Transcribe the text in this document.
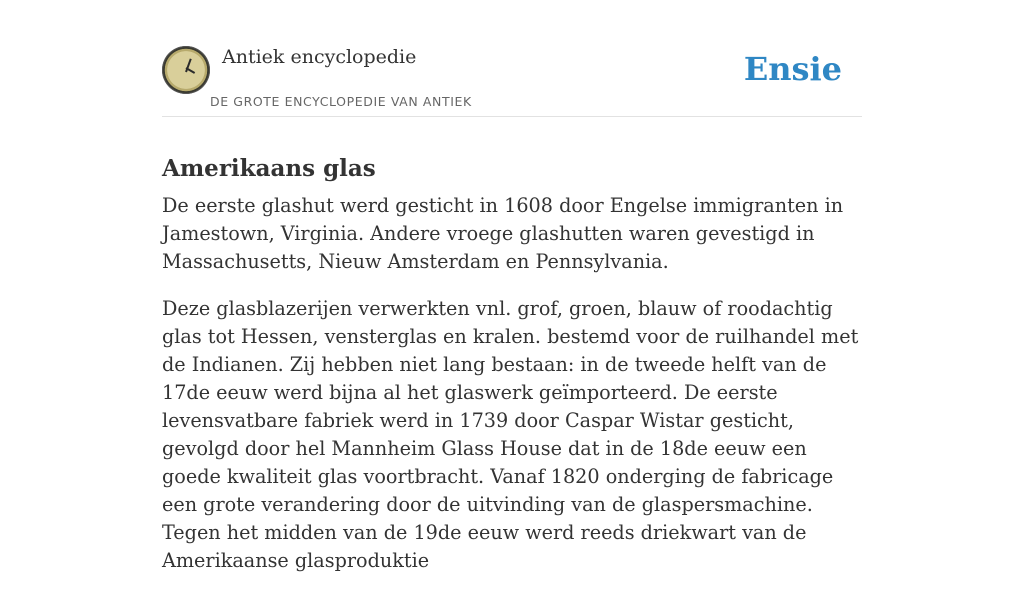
Antiek encyclopedie
DE GROTE ENCYCLOPEDIE VAN ANTIEK
Ensie
Amerikaans glas

De eerste glashut werd gesticht in 1608 door Engelse immigranten in Jamestown, Virginia. Andere vroege glashutten waren gevestigd in Massachusetts, Nieuw Amsterdam en Pennsylvania.

Deze glasblazerijen verwerkten vnl. grof, groen, blauw of roodachtig glas tot Hessen, vensterglas en kralen. bestemd voor de ruilhandel met de Indianen. Zij hebben niet lang bestaan: in de tweede helft van de 17de eeuw werd bijna al het glaswerk geïmporteerd. De eerste levensvatbare fabriek werd in 1739 door Caspar Wistar gesticht, gevolgd door hel Mannheim Glass House dat in de 18de eeuw een goede kwaliteit glas voortbracht. Vanaf 1820 onderging de fabricage een grote verandering door de uitvinding van de glaspersmachine. Tegen het midden van de 19de eeuw werd reeds driekwart van de Amerikaanse glasproduktie
